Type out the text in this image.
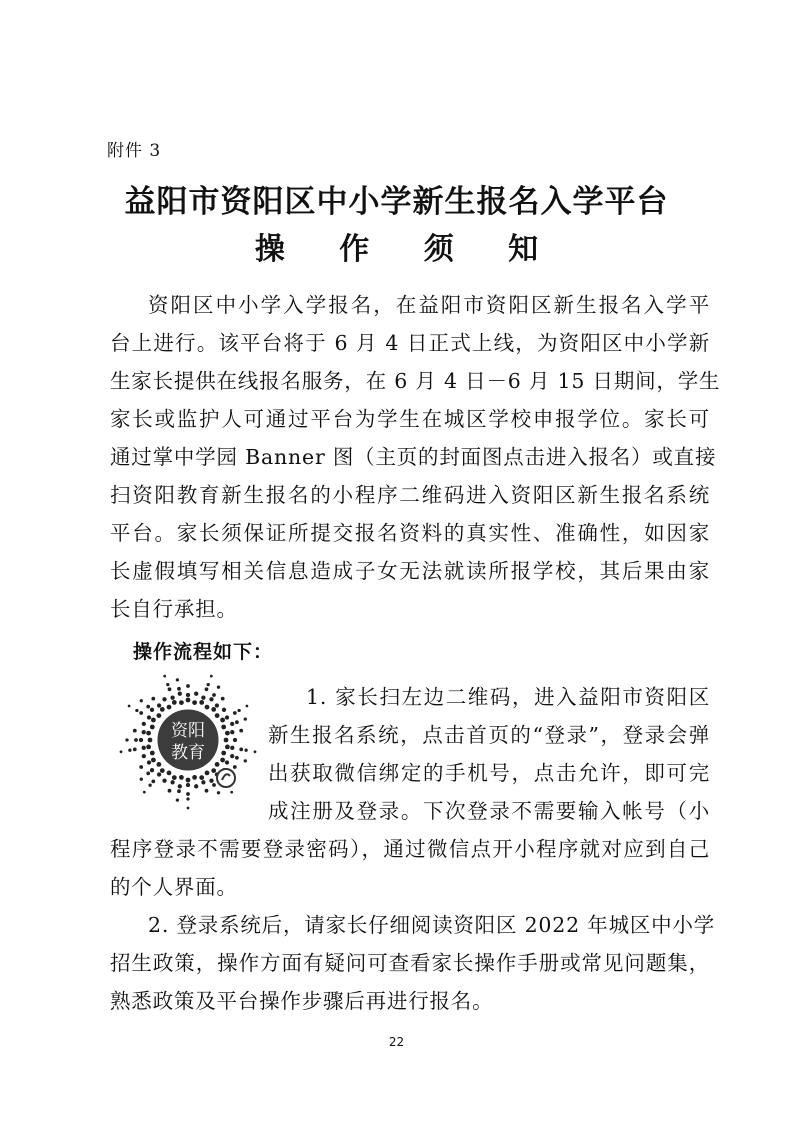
附件 3
益阳市资阳区中小学新生报名入学平台
操 作 须 知
资阳区中小学入学报名，在益阳市资阳区新生报名入学平
台上进行。该平台将于 6 月 4 日正式上线，为资阳区中小学新
生家长提供在线报名服务，在 6 月 4 日－6 月 15 日期间，学生
家长或监护人可通过平台为学生在城区学校申报学位。家长可
通过掌中学园 Banner 图（主页的封面图点击进入报名）或直接
扫资阳教育新生报名的小程序二维码进入资阳区新生报名系统
平台。家长须保证所提交报名资料的真实性、准确性，如因家
长虚假填写相关信息造成子女无法就读所报学校，其后果由家
长自行承担。
操作流程如下：
资阳
教育
1. 家长扫左边二维码，进入益阳市资阳区
新生报名系统，点击首页的“登录”，登录会弹
出获取微信绑定的手机号，点击允许，即可完
成注册及登录。下次登录不需要输入帐号（小
程序登录不需要登录密码），通过微信点开小程序就对应到自己
的个人界面。
2. 登录系统后，请家长仔细阅读资阳区 2022 年城区中小学
招生政策，操作方面有疑问可查看家长操作手册或常见问题集，
熟悉政策及平台操作步骤后再进行报名。
22
